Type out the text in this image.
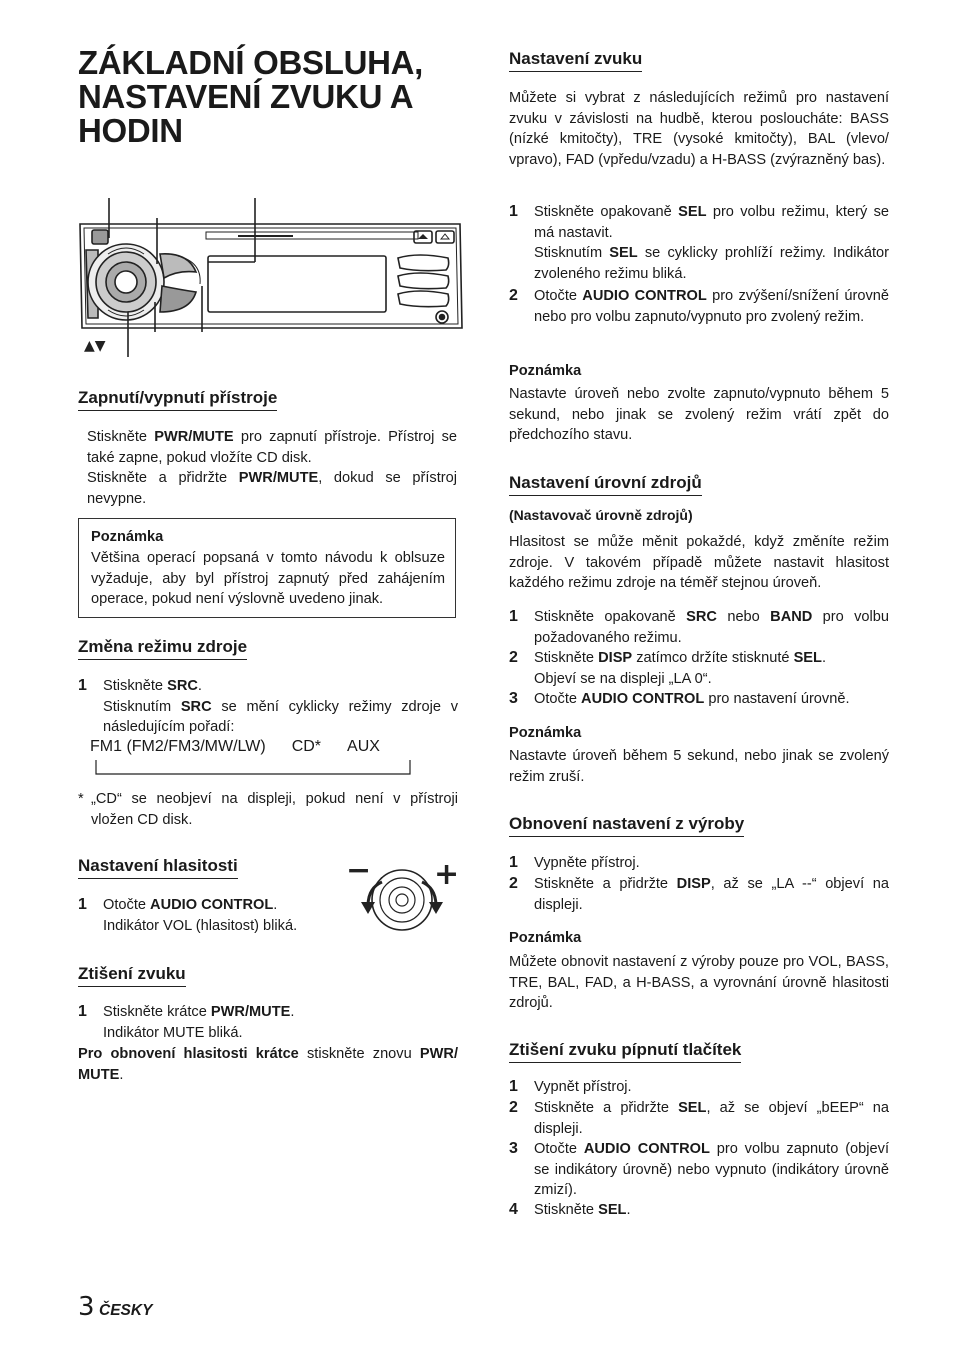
ZÁKLADNÍ OBSLUHA,
NASTAVENÍ ZVUKU A
HODIN
▲▼
Zapnutí/vypnutí přístroje
Stiskněte PWR/MUTE pro zapnutí přístroje. Přístroj se také zapne, pokud vložíte CD disk.
Stiskněte a přidržte PWR/MUTE, dokud se přístroj nevypne.
Poznámka
Většina operací popsaná v tomto návodu k oblsuze vyžaduje, aby byl přístroj zapnutý před zahájením operace, pokud není výslovně uvedeno jinak.
Změna režimu zdroje
1 Stiskněte SRC.
Stisknutím SRC se mění cyklicky režimy zdroje v následujícím pořadí:
FM1 (FM2/FM3/MW/LW) CD* AUX
* „CD“ se neobjeví na displeji, pokud není v přístroji vložen CD disk.
Nastavení hlasitosti
1 Otočte AUDIO CONTROL.
Indikátor VOL (hlasitost) bliká.
− +
Ztišení zvuku
1 Stiskněte krátce PWR/MUTE.
Indikátor MUTE bliká.
Pro obnovení hlasitosti krátce stiskněte znovu PWR/ MUTE.
Nastavení zvuku
Můžete si vybrat z následujících režimů pro nastavení zvuku v závislosti na hudbě, kterou posloucháte: BASS (nízké kmitočty), TRE (vysoké kmitočty), BAL (vlevo/ vpravo), FAD (vpředu/vzadu) a H-BASS (zvýrazněný bas).
1 Stiskněte opakovaně SEL pro volbu režimu, který se má nastavit.
Stisknutím SEL se cyklicky prohlíží režimy. Indikátor zvoleného režimu bliká.
2 Otočte AUDIO CONTROL pro zvýšení/snížení úrovně nebo pro volbu zapnuto/vypnuto pro zvolený režim.
Poznámka
Nastavte úroveň nebo zvolte zapnuto/vypnuto během 5 sekund, nebo jinak se zvolený režim vrátí zpět do předchozího stavu.
Nastavení úrovní zdrojů
(Nastavovač úrovně zdrojů)
Hlasitost se může měnit pokaždé, když změníte režim zdroje. V takovém případě můžete nastavit hlasitost každého režimu zdroje na téměř stejnou úroveň.
1 Stiskněte opakovaně SRC nebo BAND pro volbu požadovaného režimu.
2 Stiskněte DISP zatímco držíte stisknuté SEL.
Objeví se na displeji „LA 0“.
3 Otočte AUDIO CONTROL pro nastavení úrovně.
Poznámka
Nastavte úroveň během 5 sekund, nebo jinak se zvolený režim zruší.
Obnovení nastavení z výroby
1 Vypněte přístroj.
2 Stiskněte a přidržte DISP, až se „LA --“ objeví na displeji.
Poznámka
Můžete obnovit nastavení z výroby pouze pro VOL, BASS, TRE, BAL, FAD, a H-BASS, a vyrovnání úrovně hlasitosti zdrojů.
Ztišení zvuku pípnutí tlačítek
1 Vypnět přístroj.
2 Stiskněte a přidržte SEL, až se objeví „bEEP“ na displeji.
3 Otočte AUDIO CONTROL pro volbu zapnuto (objeví se indikátory úrovně) nebo vypnuto (indikátory úrovně zmizí).
4 Stiskněte SEL.
3 ČESKY
